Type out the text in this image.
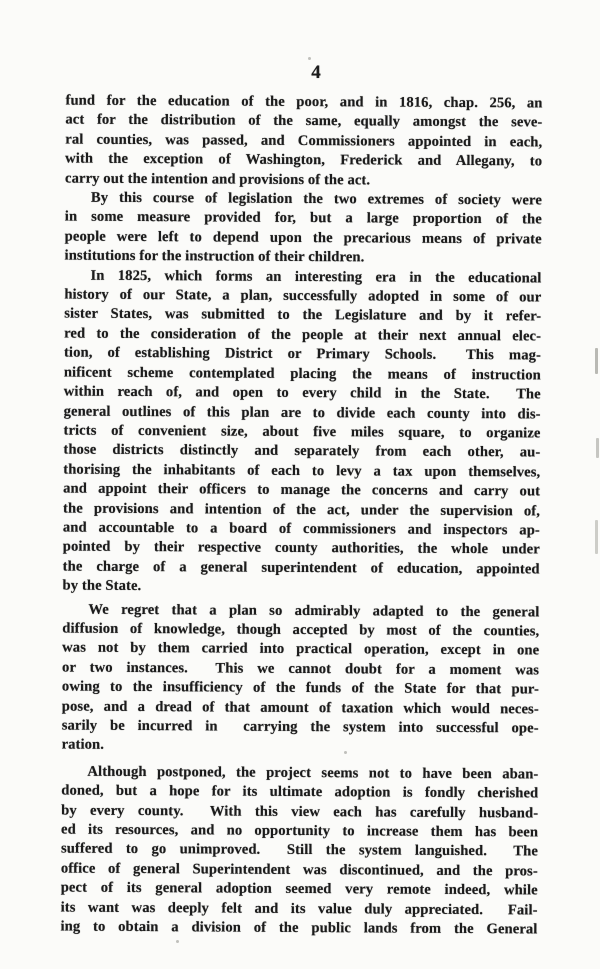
4
fund for the education of the poor, and in 1816, chap. 256, an
act for the distribution of the same, equally amongst the seve-
ral counties, was passed, and Commissioners appointed in each,
with the exception of Washington, Frederick and Allegany, to
carry out the intention and provisions of the act.
By this course of legislation the two extremes of society were
in some measure provided for, but a large proportion of the
people were left to depend upon the precarious means of private
institutions for the instruction of their children.
In 1825, which forms an interesting era in the educational
history of our State, a plan, successfully adopted in some of our
sister States, was submitted to the Legislature and by it refer-
red to the consideration of the people at their next annual elec-
tion, of establishing District or Primary Schools.  This mag-
nificent scheme contemplated placing the means of instruction
within reach of, and open to every child in the State.  The
general outlines of this plan are to divide each county into dis-
tricts of convenient size, about five miles square, to organize
those districts distinctly and separately from each other, au-
thorising the inhabitants of each to levy a tax upon themselves,
and appoint their officers to manage the concerns and carry out
the provisions and intention of the act, under the supervision of,
and accountable to a board of commissioners and inspectors ap-
pointed by their respective county authorities, the whole under
the charge of a general superintendent of education, appointed
by the State.
We regret that a plan so admirably adapted to the general
diffusion of knowledge, though accepted by most of the counties,
was not by them carried into practical operation, except in one
or two instances.  This we cannot doubt for a moment was
owing to the insufficiency of the funds of the State for that pur-
pose, and a dread of that amount of taxation which would neces-
sarily be incurred in  carrying the system into successful ope-
ration.
Although postponed, the project seems not to have been aban-
doned, but a hope for its ultimate adoption is fondly cherished
by every county.  With this view each has carefully husband-
ed its resources, and no opportunity to increase them has been
suffered to go unimproved.  Still the system languished.  The
office of general Superintendent was discontinued, and the pros-
pect of its general adoption seemed very remote indeed, while
its want was deeply felt and its value duly appreciated.  Fail-
ing to obtain a division of the public lands from the General
